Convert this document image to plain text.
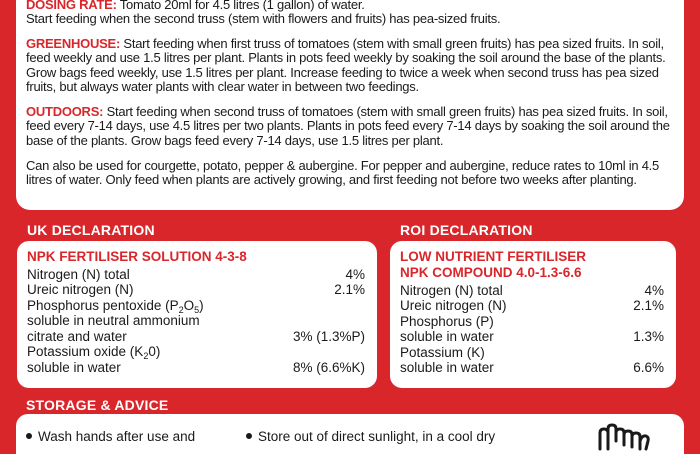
DOSING RATE: Tomato 20ml for 4.5 litres (1 gallon) of water.
Start feeding when the second truss (stem with flowers and fruits) has pea-sized fruits.

GREENHOUSE: Start feeding when first truss of tomatoes (stem with small green fruits) has pea sized fruits. In soil, feed weekly and use 1.5 litres per plant. Plants in pots feed weekly by soaking the soil around the base of the plants. Grow bags feed weekly, use 1.5 litres per plant. Increase feeding to twice a week when second truss has pea sized fruits, but always water plants with clear water in between two feedings.

OUTDOORS: Start feeding when second truss of tomatoes (stem with small green fruits) has pea sized fruits. In soil, feed every 7-14 days, use 4.5 litres per two plants. Plants in pots feed every 7-14 days by soaking the soil around the base of the plants. Grow bags feed every 7-14 days, use 1.5 litres per plant.

Can also be used for courgette, potato, pepper & aubergine. For pepper and aubergine, reduce rates to 10ml in 4.5 litres of water. Only feed when plants are actively growing, and first feeding not before two weeks after planting.

UK DECLARATION	ROI DECLARATION
NPK FERTILISER SOLUTION 4-3-8
Nitrogen (N) total	4%
Ureic nitrogen (N)	2.1%
Phosphorus pentoxide $(P_2O_5)$
soluble in neutral ammonium
citrate and water	3% (1.3%P)
Potassium oxide $(K_20)$
soluble in water	8% (6.6%K)
LOW NUTRIENT FERTILISER
NPK COMPOUND 4.0-1.3-6.6
Nitrogen (N) total	4%
Ureic nitrogen (N)	2.1%
Phosphorus (P)
soluble in water	1.3%
Potassium (K)
soluble in water	6.6%
STORAGE & ADVICE
Wash hands after use and	Store out of direct sunlight, in a cool dry
